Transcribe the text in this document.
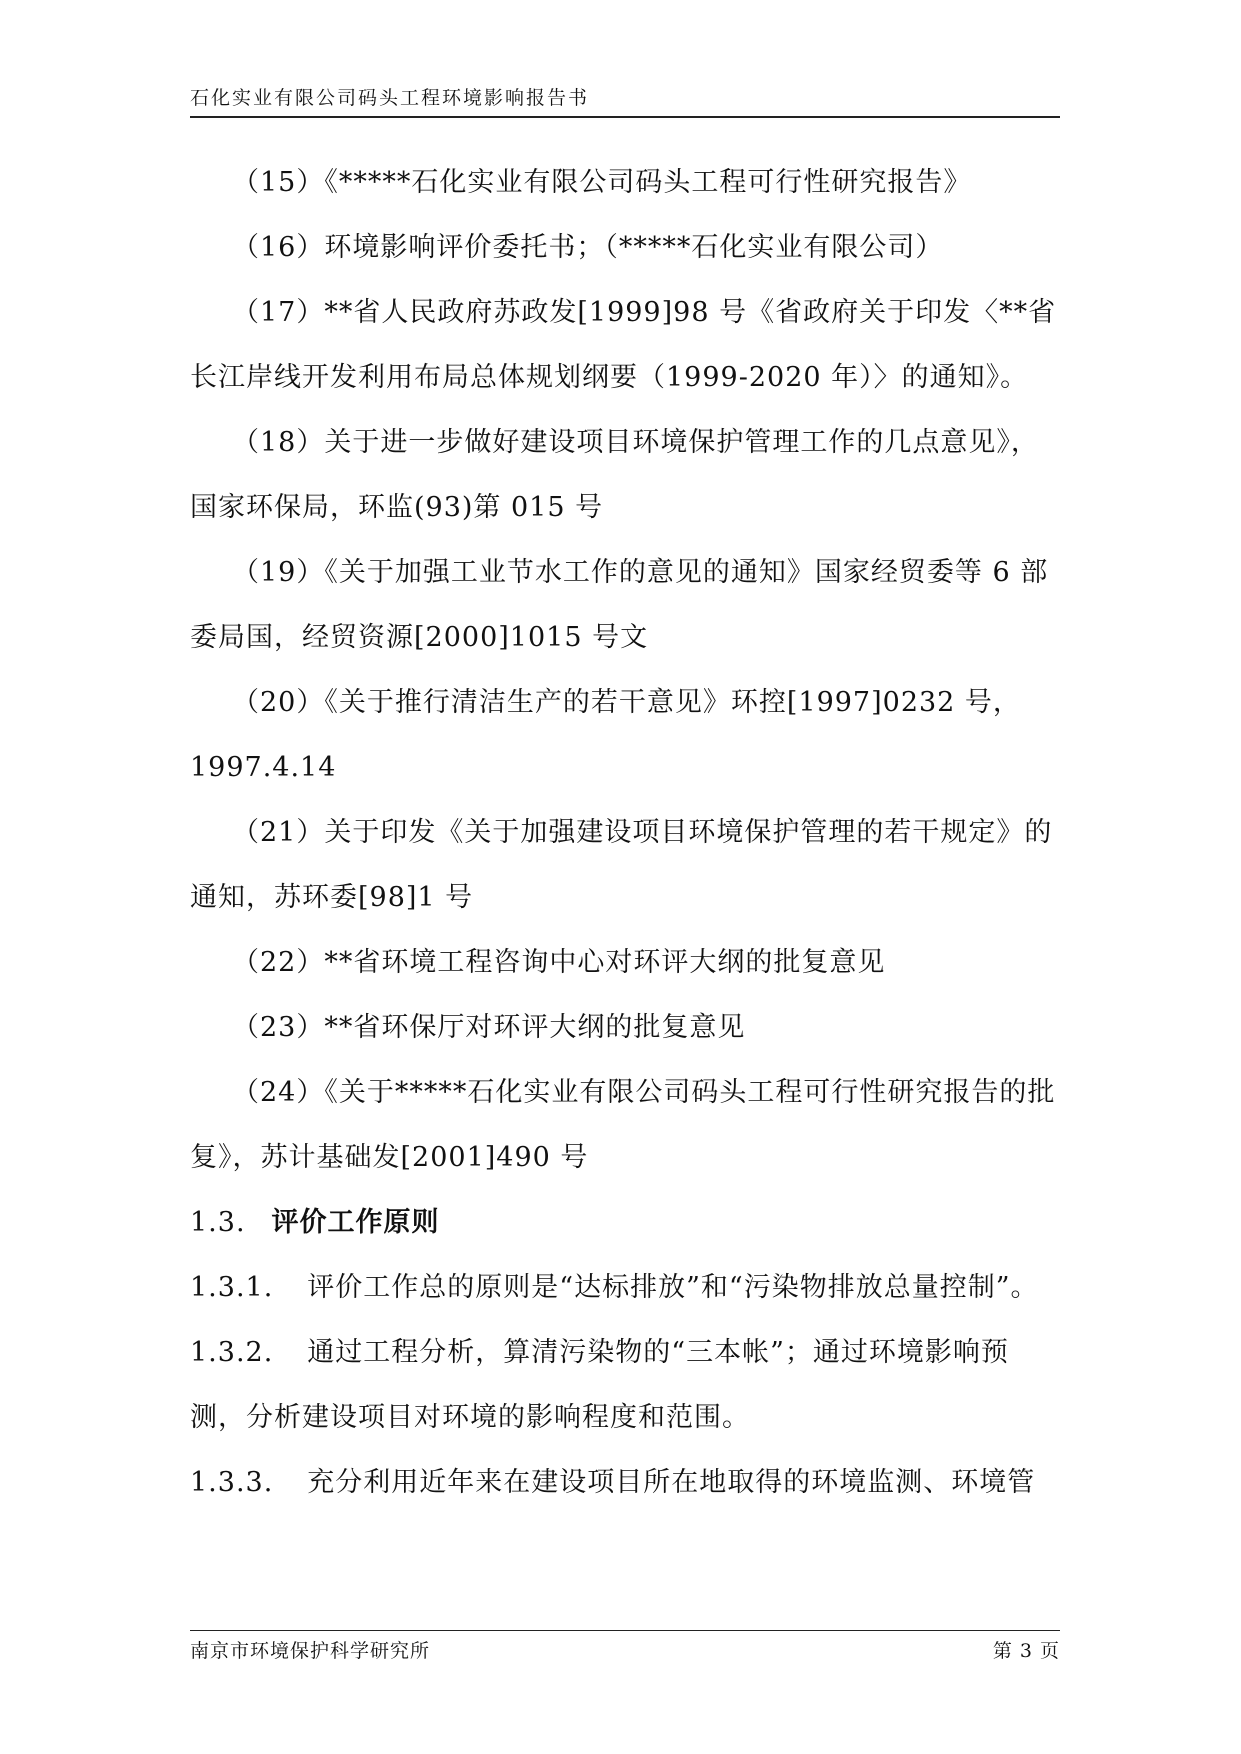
石化实业有限公司码头工程环境影响报告书

（15）《*****石化实业有限公司码头工程可行性研究报告》

（16）环境影响评价委托书；（*****石化实业有限公司）

（17）**省人民政府苏政发[1999]98 号《省政府关于印发〈**省长江岸线开发利用布局总体规划纲要（1999-2020 年）〉的通知》。

（18）关于进一步做好建设项目环境保护管理工作的几点意见》，国家环保局，环监(93)第 015 号

（19）《关于加强工业节水工作的意见的通知》国家经贸委等 6 部委局国，经贸资源[2000]1015 号文

（20）《关于推行清洁生产的若干意见》环控[1997]0232 号，1997.4.14

（21）关于印发《关于加强建设项目环境保护管理的若干规定》的通知，苏环委[98]1 号

（22）**省环境工程咨询中心对环评大纲的批复意见

（23）**省环保厅对环评大纲的批复意见

（24）《关于*****石化实业有限公司码头工程可行性研究报告的批复》，苏计基础发[2001]490 号

1.3. 评价工作原则

1.3.1. 评价工作总的原则是“达标排放”和“污染物排放总量控制”。

1.3.2. 通过工程分析，算清污染物的“三本帐”；通过环境影响预测，分析建设项目对环境的影响程度和范围。

1.3.3. 充分利用近年来在建设项目所在地取得的环境监测、环境管

南京市环境保护科学研究所	第 3 页
